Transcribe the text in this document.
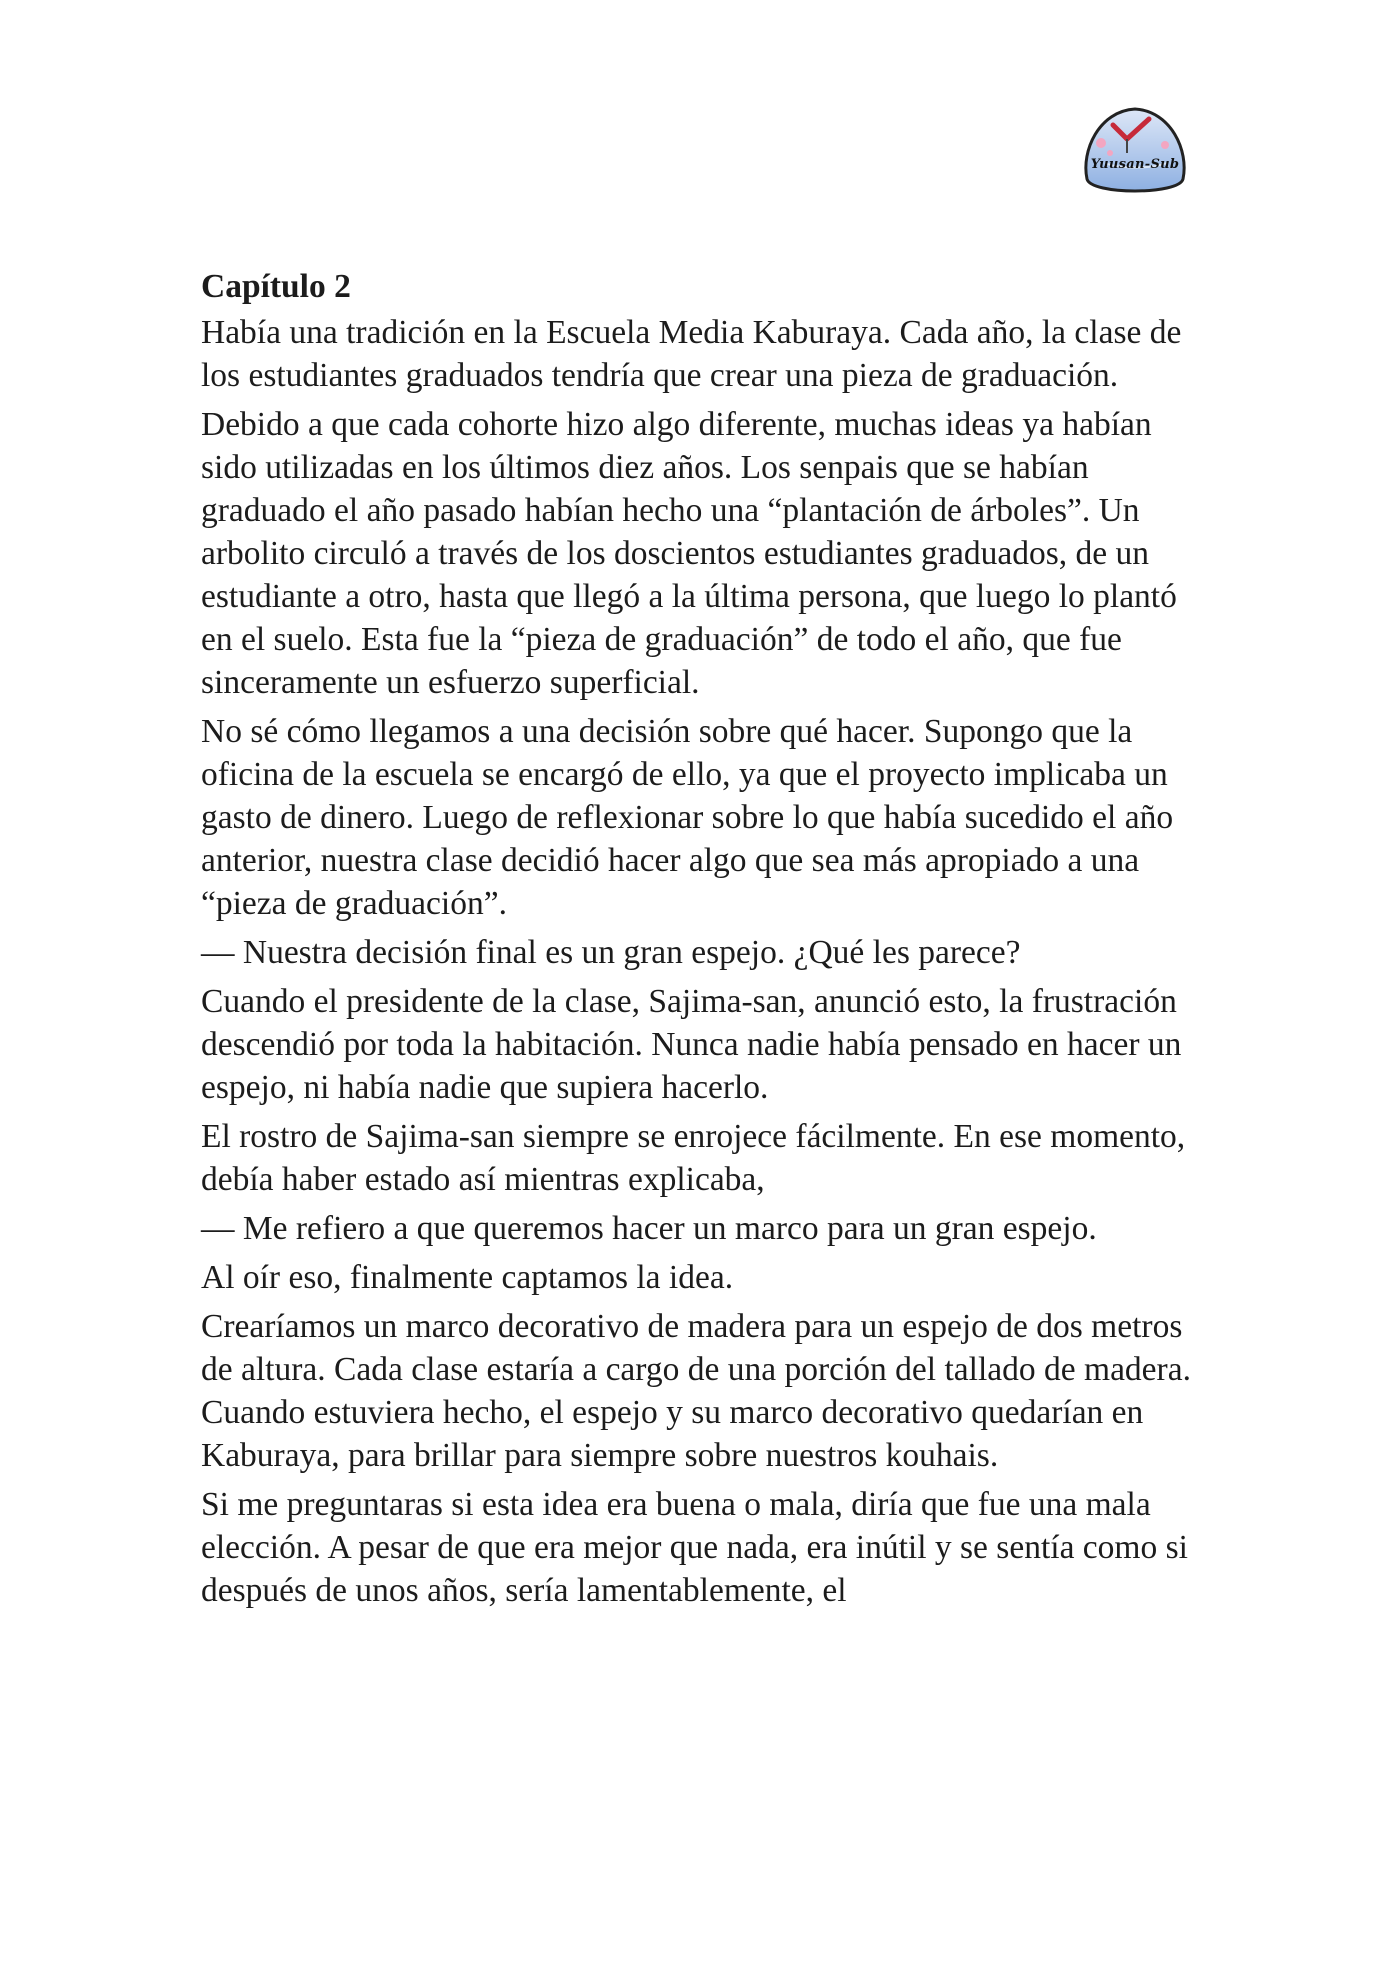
Yuusan-Sub
Capítulo 2

Había una tradición en la Escuela Media Kaburaya. Cada año, la clase de los estudiantes graduados tendría que crear una pieza de graduación.

Debido a que cada cohorte hizo algo diferente, muchas ideas ya habían sido utilizadas en los últimos diez años. Los senpais que se habían graduado el año pasado habían hecho una “plantación de árboles”. Un arbolito circuló a través de los doscientos estudiantes graduados, de un estudiante a otro, hasta que llegó a la última persona, que luego lo plantó en el suelo. Esta fue la “pieza de graduación” de todo el año, que fue sinceramente un esfuerzo superficial.

No sé cómo llegamos a una decisión sobre qué hacer. Supongo que la oficina de la escuela se encargó de ello, ya que el proyecto implicaba un gasto de dinero. Luego de reflexionar sobre lo que había sucedido el año anterior, nuestra clase decidió hacer algo que sea más apropiado a una “pieza de graduación”.

— Nuestra decisión final es un gran espejo. ¿Qué les parece?

Cuando el presidente de la clase, Sajima-san, anunció esto, la frustración descendió por toda la habitación. Nunca nadie había pensado en hacer un espejo, ni había nadie que supiera hacerlo.

El rostro de Sajima-san siempre se enrojece fácilmente. En ese momento, debía haber estado así mientras explicaba,

— Me refiero a que queremos hacer un marco para un gran espejo.

Al oír eso, finalmente captamos la idea.

Crearíamos un marco decorativo de madera para un espejo de dos metros de altura. Cada clase estaría a cargo de una porción del tallado de madera. Cuando estuviera hecho, el espejo y su marco decorativo quedarían en Kaburaya, para brillar para siempre sobre nuestros kouhais.

Si me preguntaras si esta idea era buena o mala, diría que fue una mala elección. A pesar de que era mejor que nada, era inútil y se sentía como si después de unos años, sería lamentablemente, el
